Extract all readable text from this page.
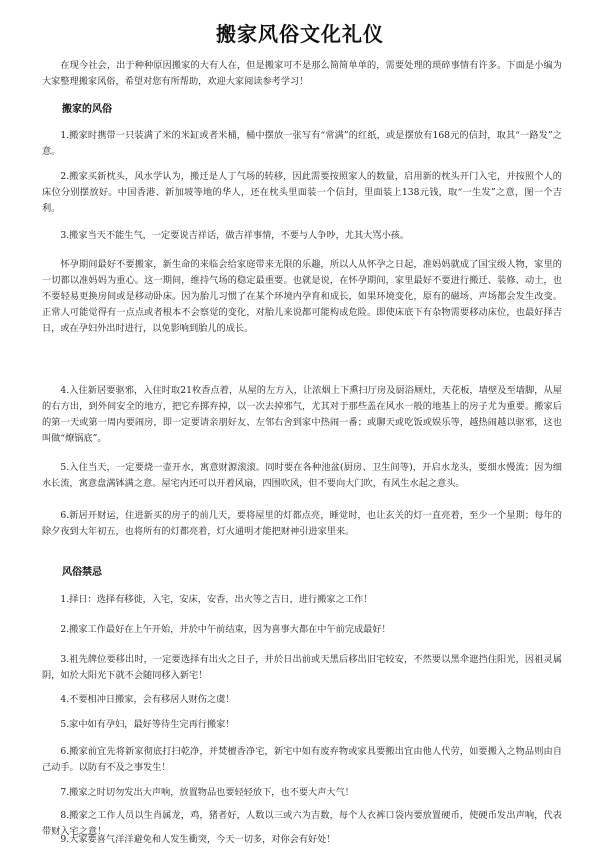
搬家风俗文化礼仪

在现今社会，出于种种原因搬家的大有人在，但是搬家可不是那么简简单单的，需要处理的琐碎事情有许多。下面是小编为大家整理搬家风俗，希望对您有所帮助，欢迎大家阅读参考学习！

搬家的风俗

1.搬家时携带一只装满了米的米缸或者米桶，桶中摆放一张写有“常满”的红纸，或是摆放有168元的信封，取其“一路发”之意。

2.搬家买新枕头，风水学认为，搬迁是人丁气场的转移，因此需要按照家人的数量，启用新的枕头开门入宅，并按照个人的床位分别摆放好。中国香港、新加坡等地的华人，还在枕头里面装一个信封，里面装上138元钱，取“一生发”之意，图一个吉利。

3.搬家当天不能生气，一定要说吉祥话，做吉祥事情，不要与人争吵，尤其大骂小孩。

怀孕期间最好不要搬家，新生命的来临会给家庭带来无限的乐趣，所以人从怀孕之日起，准妈妈就成了国宝级人物，家里的一切都以准妈妈为重心。这一期间，维持气场的稳定最重要。也就是说，在怀孕期间，家里最好不要进行搬迁、装修、动土，也不要轻易更换房间或是移动卧床。因为胎儿习惯了在某个环境内孕育和成长，如果环境变化，原有的磁场、声场都会发生改变。正常人可能觉得有一点点或者根本不会察觉的变化，对胎儿来说都可能构成危险。即使床底下有杂物需要移动床位，也最好择吉日，或在孕妇外出时进行，以免影响到胎儿的成长。

4.入住新居要驱邪，入住时取21枚香点着，从屋的左方入，让浓烟上下熏扫厅房及厨浴厕灶，天花板，墙壁及至墙脚，从屋的右方出，到外间安全的地方，把它弃掷弃掉，以一次去掉邪气，尤其对于那些盖在风水一般的地基上的房子尤为重要。搬家后的第一天或第一周内要闹房，即一定要请亲朋好友、左邻右舍到家中热闹一番；或聊天或吃饭或娱乐等，越热闹越以驱邪，这也叫做“燎锅底”。

5.入住当天，一定要烧一壶开水，寓意财源滚滚。同时要在各种池盆(厨房、卫生间等)，开启水龙头，要细水慢流；因为细水长流，寓意盘满钵满之意。屋宅内还可以开着风扇，四围吹风，但不要向大门吹，有风生水起之意头。

6.新居开财运，住进新买的房子的前几天，要将屋里的灯都点亮，睡觉时，也让玄关的灯一直亮着，至少一个星期；每年的除夕夜到大年初五，也将所有的灯都亮着，灯火通明才能把财神引进家里来。

风俗禁忌

1.择日：选择有移徙，入宅，安床，安香，出火等之吉日，进行搬家之工作！

2.搬家工作最好在上午开始，并於中午前结束，因为喜事大都在中午前完成最好！

3.祖先牌位要移出时，一定要选择有出火之日子，并於日出前或天黑后移出旧宅较安，不然要以黑伞遮挡住阳光，因祖灵属阴，如於大阳光下就不会随同移入新宅！

4.不要相冲日搬家，会有移居人财伤之虞！

5.家中如有孕妇，最好等待生完再行搬家！

6.搬家前宜先将新家彻底打扫乾净，并焚檀香净宅，新宅中如有废弃物或家具要搬出宜由他人代劳，如要搬入之物品则由自己动手。以防有不及之事发生！

7.搬家之时切勿发出大声响，放置物品也要轻轻放下，也不要大声大气！

8.搬家之工作人员以生肖属龙，鸡，猪者好，人数以三或六为吉数，每个人衣裤口袋内要放置硬币，使硬币发出声响，代表带财入宅之意！

9.大家要喜气洋洋避免和人发生衝突，今天一切多，对你会有好处！
